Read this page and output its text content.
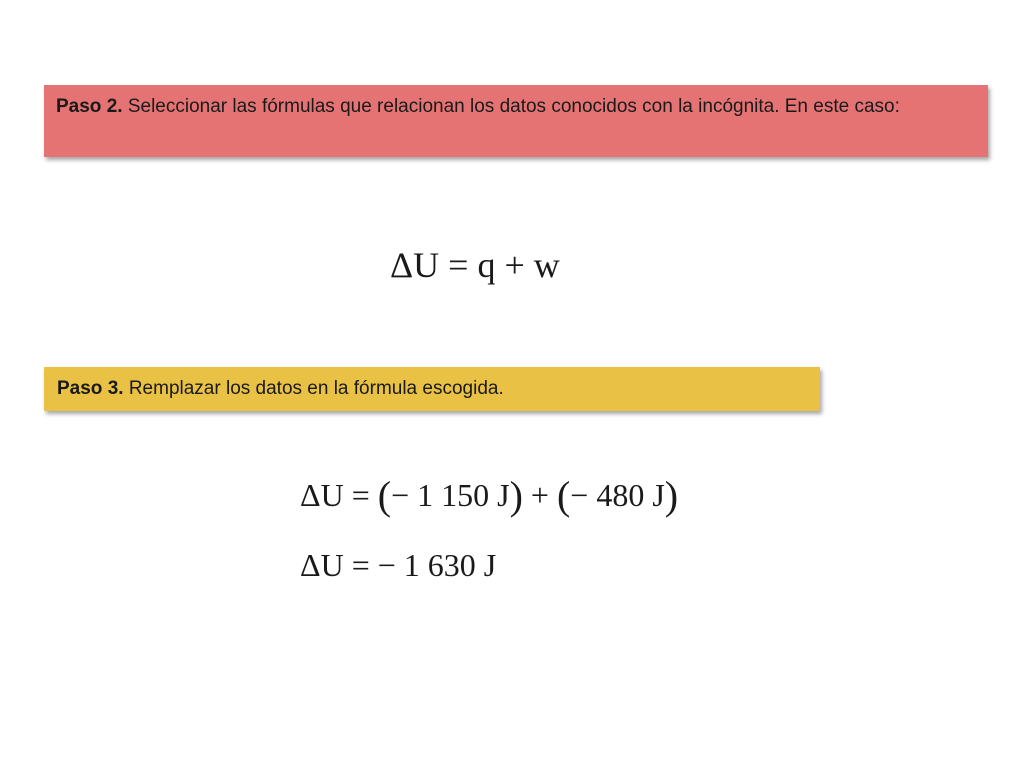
Paso 2. Seleccionar las fórmulas que relacionan los datos conocidos con la incógnita. En este caso:
ΔU = q + w
Paso 3. Remplazar los datos en la fórmula escogida.
ΔU = (− 1 150 J) + (− 480 J)
ΔU = − 1 630 J
